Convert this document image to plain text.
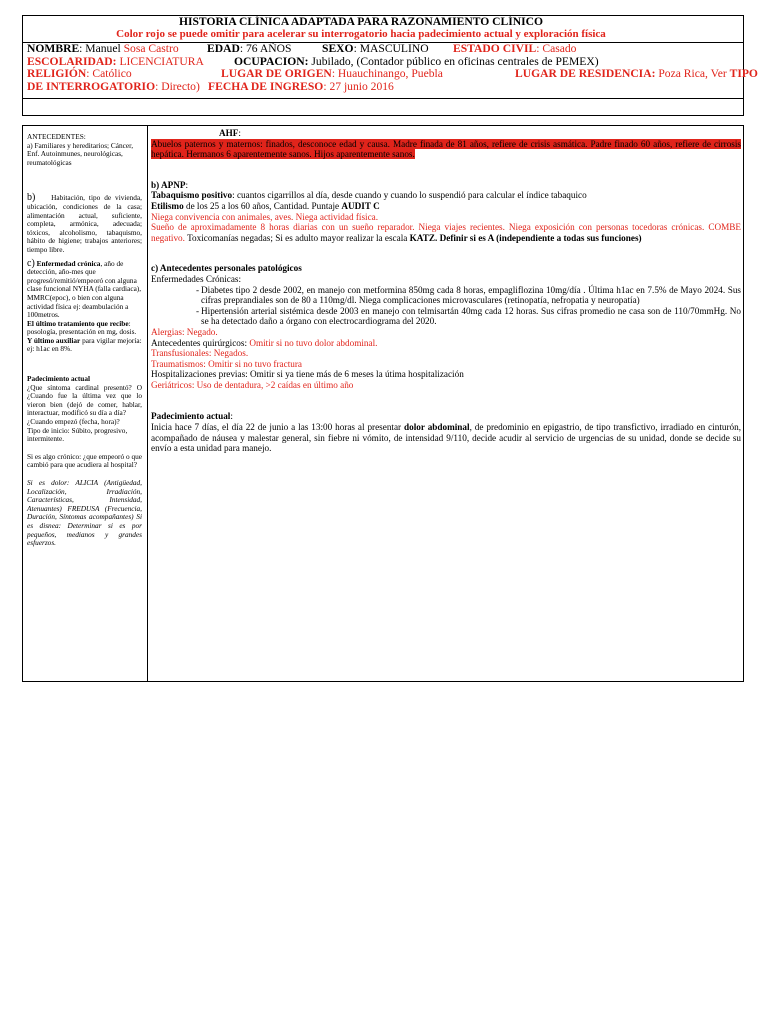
HISTORIA CLÍNICA ADAPTADA PARA RAZONAMIENTO CLÍNICO
Color rojo se puede omitir para acelerar su interrogatorio hacia padecimiento actual y exploración física
NOMBRE: Manuel Sosa Castro EDAD: 76 AÑOS	SEXO: MASCULINO ESTADO CIVIL: Casado
ESCOLARIDAD: LICENCIATURA	OCUPACION: Jubilado, (Contador público en oficinas centrales de PEMEX)
RELIGIÓN: Católico	LUGAR DE ORIGEN: Huauchinango, Puebla	LUGAR DE RESIDENCIA: Poza Rica, Ver TIPO
DE INTERROGATORIO: Directo) FECHA DE INGRESO: 27 junio 2016

ANTECEDENTES:

a) Familiares y hereditarios; Cáncer, Enf. Autoinmunes, neurológicas, reumatológicas

b) Habitación, tipo de vivienda, ubicación, condiciones de la casa; alimentación actual, suficiente, completa, armónica, adecuada; tóxicos, alcoholismo, tabaquismo, hábito de higiene; trabajos anteriores; tiempo libre.

c) Enfermedad crónica, año de detección, año-mes que progresó/remitió/empeoró con alguna clase funcional NYHA (falla cardiaca), MMRC(epoc), o bien con alguna actividad física ej: deambulación a 100metros.

El último tratamiento que recibe: posología, presentación en mg, dosis. Y último auxiliar para vigilar mejoría: ej: h1ac en 8%.

Padecimiento actual

¿Que síntoma cardinal presentó? O ¿Cuando fue la última vez que lo vieron bien (dejó de comer, hablar, interactuar, modificó su día a día?

¿Cuando empezó (fecha, hora)?

Tipo de inicio: Súbito, progresivo, intermitente.

Si es algo crónico: ¿que empeoró o que cambió para que acudiera al hospital?

Si es dolor: ALICIA (Antigüedad, Localización, Irradiación, Características, Intensidad, Atenuantes) FREDUSA (Frecuencia, Duración, Síntomas acompañantes) Si es disnea: Determinar si es por pequeños, medianos y grandes esfuerzos.

AHF:

Abuelos paternos y maternos: finados, desconoce edad y causa. Madre finada de 81 años, refiere de crisis asmática. Padre finado 60 años, refiere de cirrosis hepática. Hermanos 6 aparentemente sanos. Hijos aparentemente sanos.

b) APNP:

Tabaquismo positivo: cuantos cigarrillos al día, desde cuando y cuando lo suspendió para calcular el índice tabaquico

Etilismo de los 25 a los 60 años, Cantidad. Puntaje AUDIT C

Niega convivencia con animales, aves. Niega actividad física.

Sueño de aproximadamente 8 horas diarias con un sueño reparador. Niega viajes recientes. Niega exposición con personas tocedoras crónicas. COMBE negativo. Toxicomanías negadas; Si es adulto mayor realizar la escala KATZ. Definir si es A (independiente a todas sus funciones)

c) Antecedentes personales patológicos

Enfermedades Crónicas:

- Diabetes tipo 2 desde 2002, en manejo con metformina 850mg cada 8 horas, empagliflozina 10mg/día . Última h1ac en 7.5% de Mayo 2024. Sus cifras preprandiales son de 80 a 110mg/dl. Niega complicaciones microvasculares (retinopatía, nefropatia y neuropatía)

- Hipertensión arterial sistémica desde 2003 en manejo con telmisartán 40mg cada 12 horas. Sus cifras promedio ne casa son de 110/70mmHg. No se ha detectado daño a órgano con electrocardiograma del 2020.

Alergias: Negado.

Antecedentes quirúrgicos: Omitir si no tuvo dolor abdominal.

Transfusionales: Negados.

Traumatismos: Omitir si no tuvo fractura

Hospitalizaciones previas: Omitir si ya tiene más de 6 meses la útima hospitalización

Geriátricos: Uso de dentadura, >2 caídas en último año

Padecimiento actual:

Inicia hace 7 días, el día 22 de junio a las 13:00 horas al presentar dolor abdominal, de predominio en epigastrio, de tipo transfictivo, irradiado en cinturón, acompañado de náusea y malestar general, sin fiebre ni vómito, de intensidad 9/110, decide acudir al servicio de urgencias de su unidad, donde se decide su envío a esta unidad para manejo.
